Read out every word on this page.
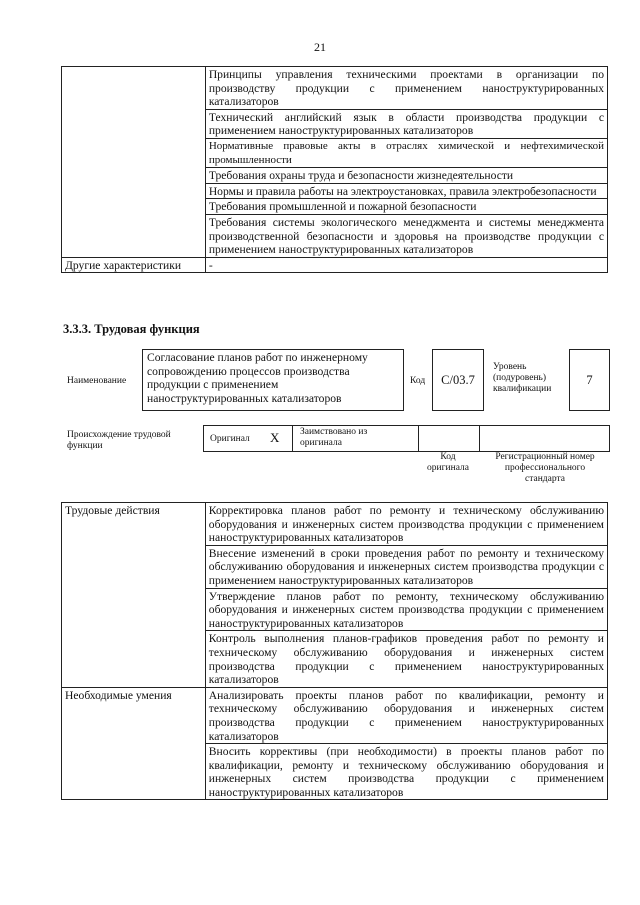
21
	Принципы управления техническими проектами в организации по производству продукции с применением наноструктурированных катализаторов
	Технический английский язык в области производства продукции с применением наноструктурированных катализаторов
	Нормативные правовые акты в отраслях химической и нефтехимической промышленности
	Требования охраны труда и безопасности жизнедеятельности
	Нормы и правила работы на электроустановках, правила электробезопасности
	Требования промышленной и пожарной безопасности
	Требования системы экологического менеджмента и системы менеджмента производственной безопасности и здоровья на производстве продукции с применением наноструктурированных катализаторов
Другие характеристики	-
3.3.3. Трудовая функция
Наименование
Согласование планов работ по инженерному сопровождению процессов производства продукции с применением наноструктурированных катализаторов
Код C/03.7
Уровень (подуровень) квалификации
7
Происхождение трудовой функции
Оригинал X Заимствовано из оригинала
Код оригинала
Регистрационный номер профессионального стандарта
Трудовые действия	Корректировка планов работ по ремонту и техническому обслуживанию оборудования и инженерных систем производства продукции с применением наноструктурированных катализаторов
	Внесение изменений в сроки проведения работ по ремонту и техническому обслуживанию оборудования и инженерных систем производства продукции с применением наноструктурированных катализаторов
	Утверждение планов работ по ремонту, техническому обслуживанию оборудования и инженерных систем производства продукции с применением наноструктурированных катализаторов
	Контроль выполнения планов-графиков проведения работ по ремонту и техническому обслуживанию оборудования и инженерных систем производства продукции с применением наноструктурированных катализаторов
Необходимые умения	Анализировать проекты планов работ по квалификации, ремонту и техническому обслуживанию оборудования и инженерных систем производства продукции с применением наноструктурированных катализаторов
	Вносить коррективы (при необходимости) в проекты планов работ по квалификации, ремонту и техническому обслуживанию оборудования и инженерных систем производства продукции с применением наноструктурированных катализаторов
